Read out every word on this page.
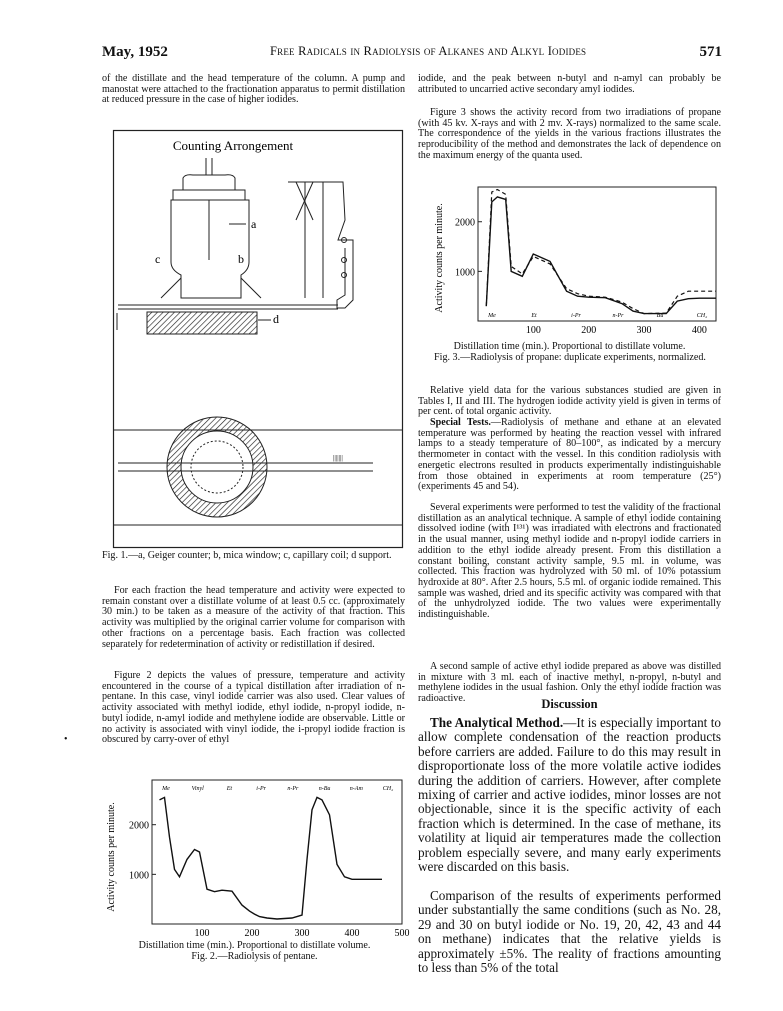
May, 1952	Free Radicals in Radiolysis of Alkanes and Alkyl Iodides	571

of the distillate and the head temperature of the column. A pump and manostat were attached to the fractionation apparatus to permit distillation at reduced pressure in the case of higher iodides.

Counting Arrongement
a
b
c
d
|||||||
Fig. 1.—a, Geiger counter; b, mica window; c, capillary coil; d support.

For each fraction the head temperature and activity were expected to remain constant over a distillate volume of at least 0.5 cc. (approximately 30 min.) to be taken as a measure of the activity of that fraction. This activity was multiplied by the original carrier volume for comparison with other fractions on a percentage basis. Each fraction was collected separately for redetermination of activity or redistillation if desired.

Figure 2 depicts the values of pressure, temperature and activity encountered in the course of a typical distillation after irradiation of n-pentane. In this case, vinyl iodide carrier was also used. Clear values of activity associated with methyl iodide, ethyl iodide, n-propyl iodide, n-butyl iodide, n-amyl iodide and methylene iodide are observable. Little or no activity is associated with vinyl iodide, the i-propyl iodide fraction is obscured by carry-over of ethyl

Activity counts per minute.
Me	Vinyl	Et	i-Pr	n-Pr	n-Bu	n-Am	CH₂
100	200	300	400	500
1000
2000
Distillation time (min.). Proportional to distillate volume.
Fig. 2.—Radiolysis of pentane.

iodide, and the peak between n-butyl and n-amyl can probably be attributed to uncarried active secondary amyl iodides.

Figure 3 shows the activity record from two irradiations of propane (with 45 kv. X-rays and with 2 mv. X-rays) normalized to the same scale. The correspondence of the yields in the various fractions illustrates the reproducibility of the method and demonstrates the lack of dependence on the maximum energy of the quanta used.

Activity counts per minute.
Me	Et	i-Pr	n-Pr	Bu	CH₂
100	200	300	400
1000
2000
Distillation time (min.). Proportional to distillate volume.
Fig. 3.—Radiolysis of propane: duplicate experiments, normalized.

Relative yield data for the various substances studied are given in Tables I, II and III. The hydrogen iodide activity yield is given in terms of per cent. of total organic activity.

Special Tests.—Radiolysis of methane and ethane at an elevated temperature was performed by heating the reaction vessel with infrared lamps to a steady temperature of 80–100°, as indicated by a mercury thermometer in contact with the vessel. In this condition radiolysis with energetic electrons resulted in products experimentally indistinguishable from those obtained in experiments at room temperature (25°) (experiments 45 and 54).

Several experiments were performed to test the validity of the fractional distillation as an analytical technique. A sample of ethyl iodide containing dissolved iodine (with I¹³¹) was irradiated with electrons and fractionated in the usual manner, using methyl iodide and n-propyl iodide carriers in addition to the ethyl iodide already present. From this distillation a constant boiling, constant activity sample, 9.5 ml. in volume, was collected. This fraction was hydrolyzed with 50 ml. of 10% potassium hydroxide at 80°. After 2.5 hours, 5.5 ml. of organic iodide remained. This sample was washed, dried and its specific activity was compared with that of the unhydrolyzed iodide. The two values were experimentally indistinguishable.

A second sample of active ethyl iodide prepared as above was distilled in mixture with 3 ml. each of inactive methyl, n-propyl, n-butyl and methylene iodides in the usual fashion. Only the ethyl iodide fraction was radioactive.	Discussion

The Analytical Method.—It is especially important to allow complete condensation of the reaction products before carriers are added. Failure to do this may result in disproportionate loss of the more volatile active iodides during the addition of carriers. However, after complete mixing of carrier and active iodides, minor losses are not objectionable, since it is the specific activity of each fraction which is determined. In the case of methane, its volatility at liquid air temperatures made the collection problem especially severe, and many early experiments were discarded on this basis.

Comparison of the results of experiments performed under substantially the same conditions (such as No. 28, 29 and 30 on butyl iodide or No. 19, 20, 42, 43 and 44 on methane) indicates that the relative yields is approximately ±5%. The reality of fractions amounting to less than 5% of the total

•
